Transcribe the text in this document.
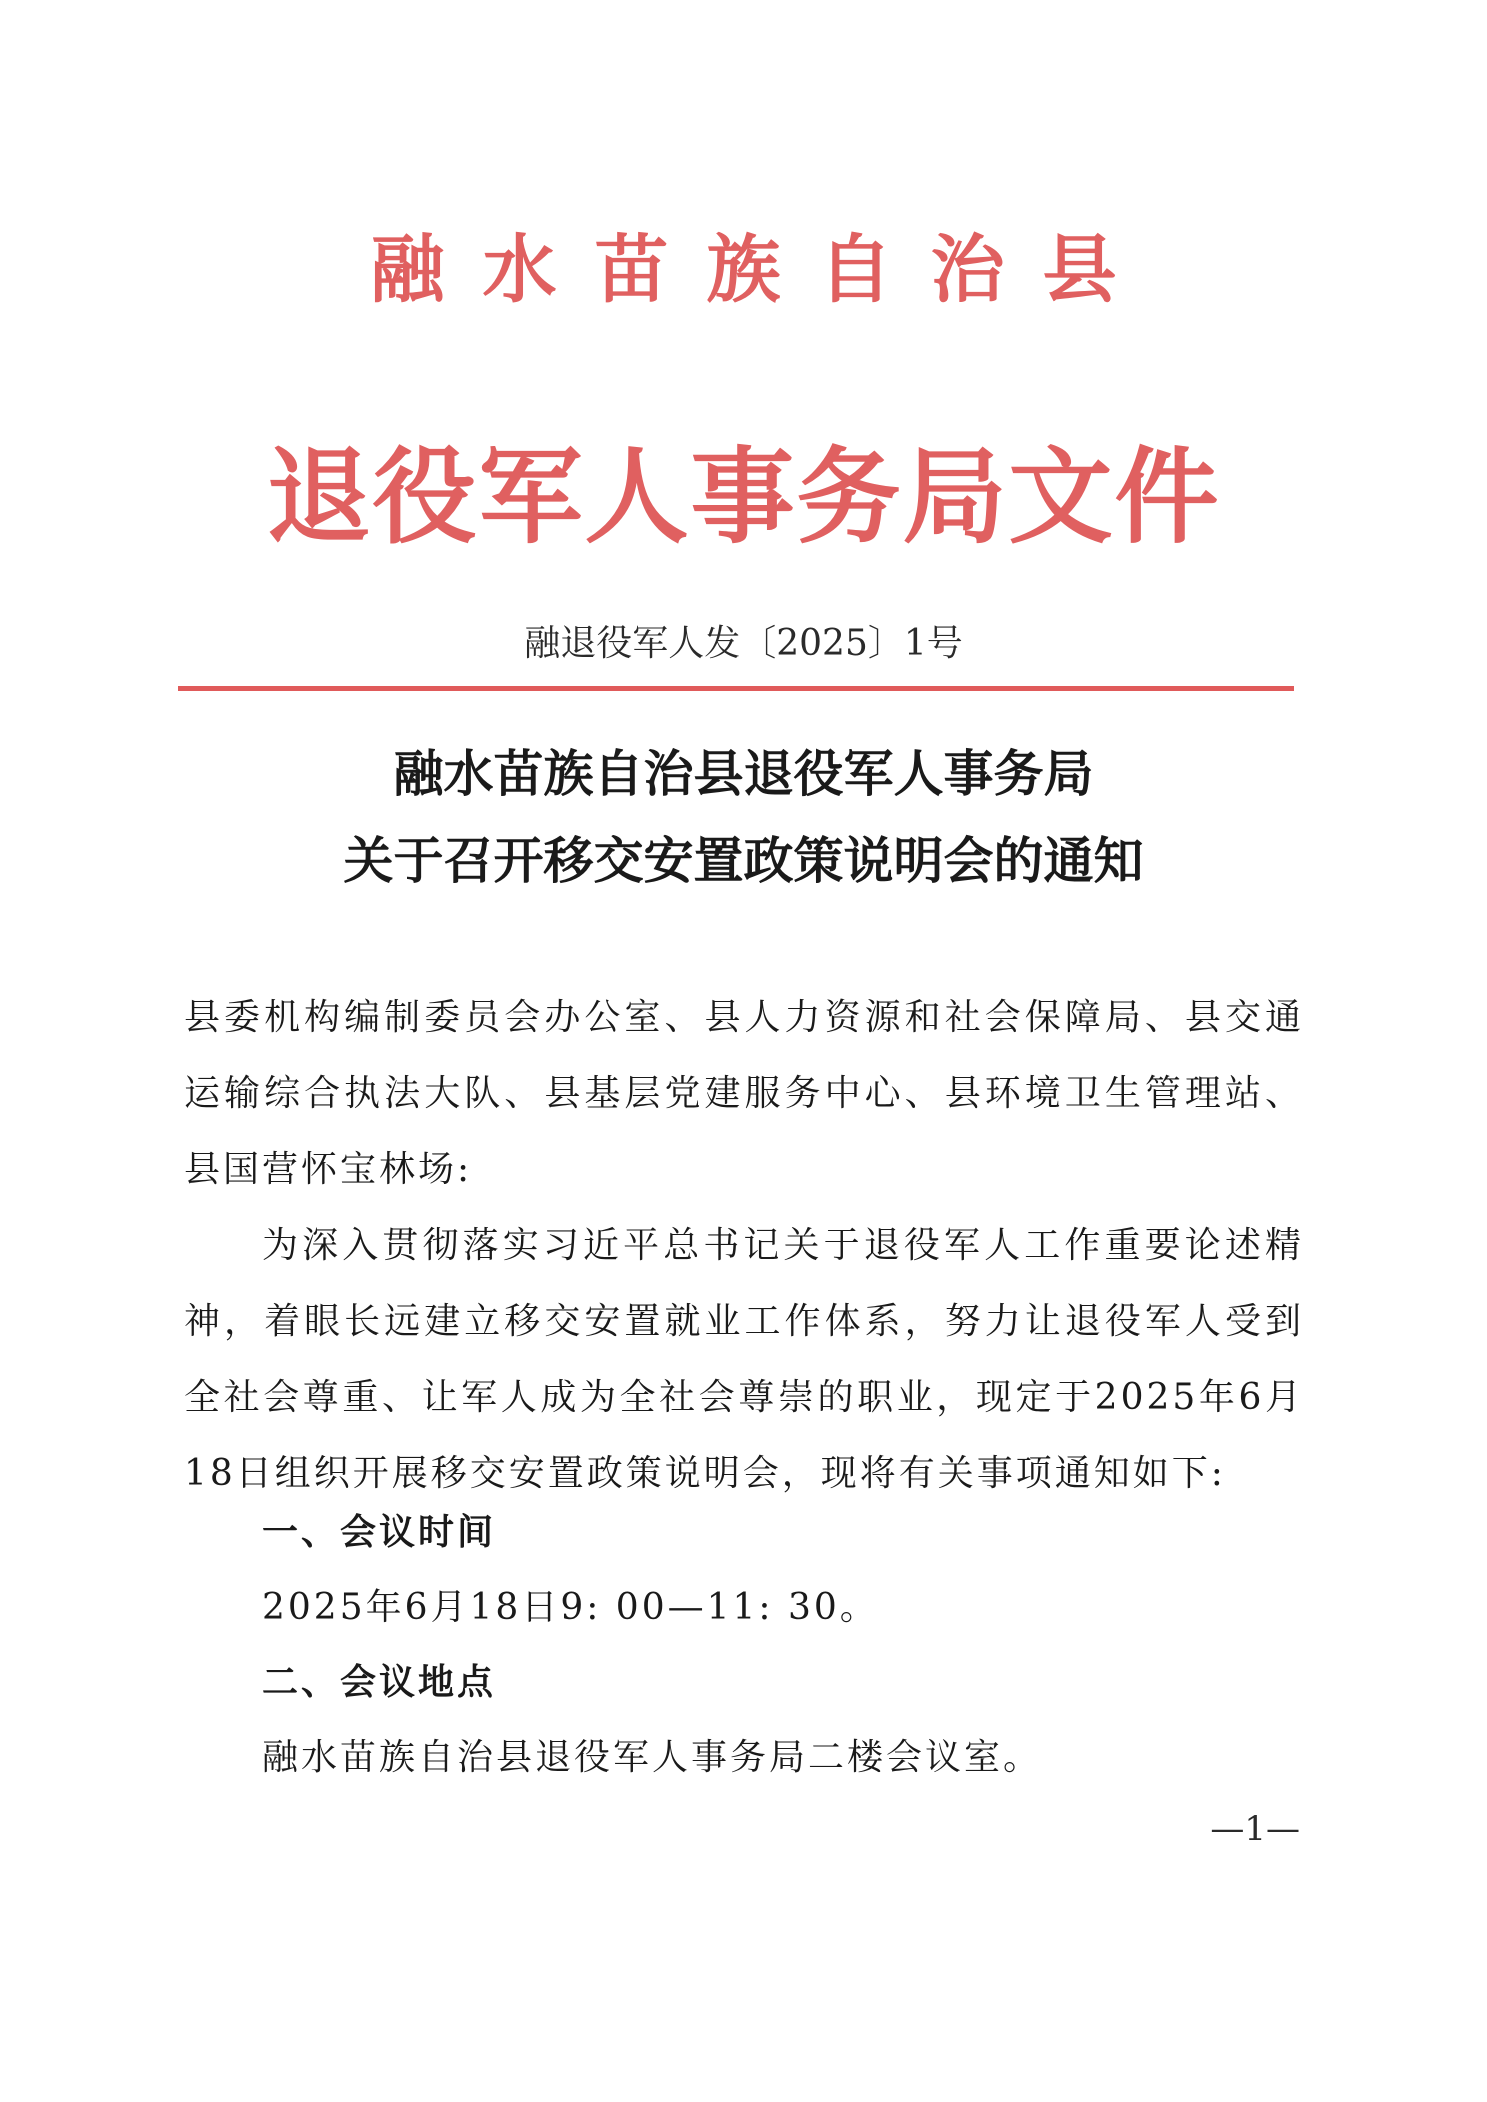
融水苗族自治县
退役军人事务局文件
融退役军人发〔2025〕1号
融水苗族自治县退役军人事务局
关于召开移交安置政策说明会的通知
县委机构编制委员会办公室、县人力资源和社会保障局、县交通运输综合执法大队、县基层党建服务中心、县环境卫生管理站、县国营怀宝林场:
为深入贯彻落实习近平总书记关于退役军人工作重要论述精神，着眼长远建立移交安置就业工作体系，努力让退役军人受到全社会尊重、让军人成为全社会尊崇的职业，现定于2025年6月18日组织开展移交安置政策说明会，现将有关事项通知如下:
一、会议时间
2025年6月18日9: 00—11: 30。
二、会议地点
融水苗族自治县退役军人事务局二楼会议室。
—1—
